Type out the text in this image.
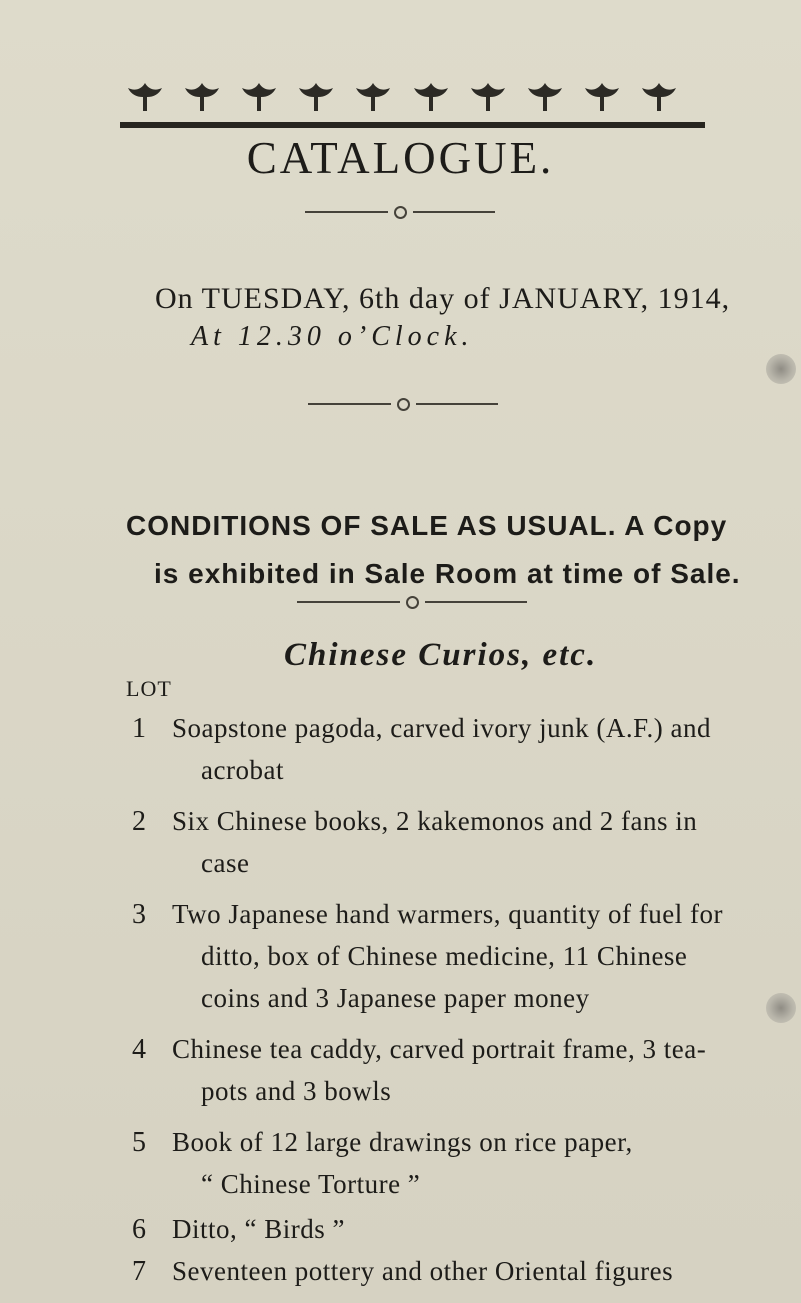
CATALOGUE.
On TUESDAY, 6th day of JANUARY, 1914,
At 12.30 o’Clock.
CONDITIONS OF SALE AS USUAL. A Copy
is exhibited in Sale Room at time of Sale.
Chinese Curios, etc.
LOT
1 Soapstone pagoda, carved ivory junk (A.F.) and
acrobat
2 Six Chinese books, 2 kakemonos and 2 fans in
case
3 Two Japanese hand warmers, quantity of fuel for
ditto, box of Chinese medicine, 11 Chinese
coins and 3 Japanese paper money
4 Chinese tea caddy, carved portrait frame, 3 tea-
pots and 3 bowls
5 Book of 12 large drawings on rice paper,
“ Chinese Torture ”
6 Ditto, “ Birds ”
7 Seventeen pottery and other Oriental figures
